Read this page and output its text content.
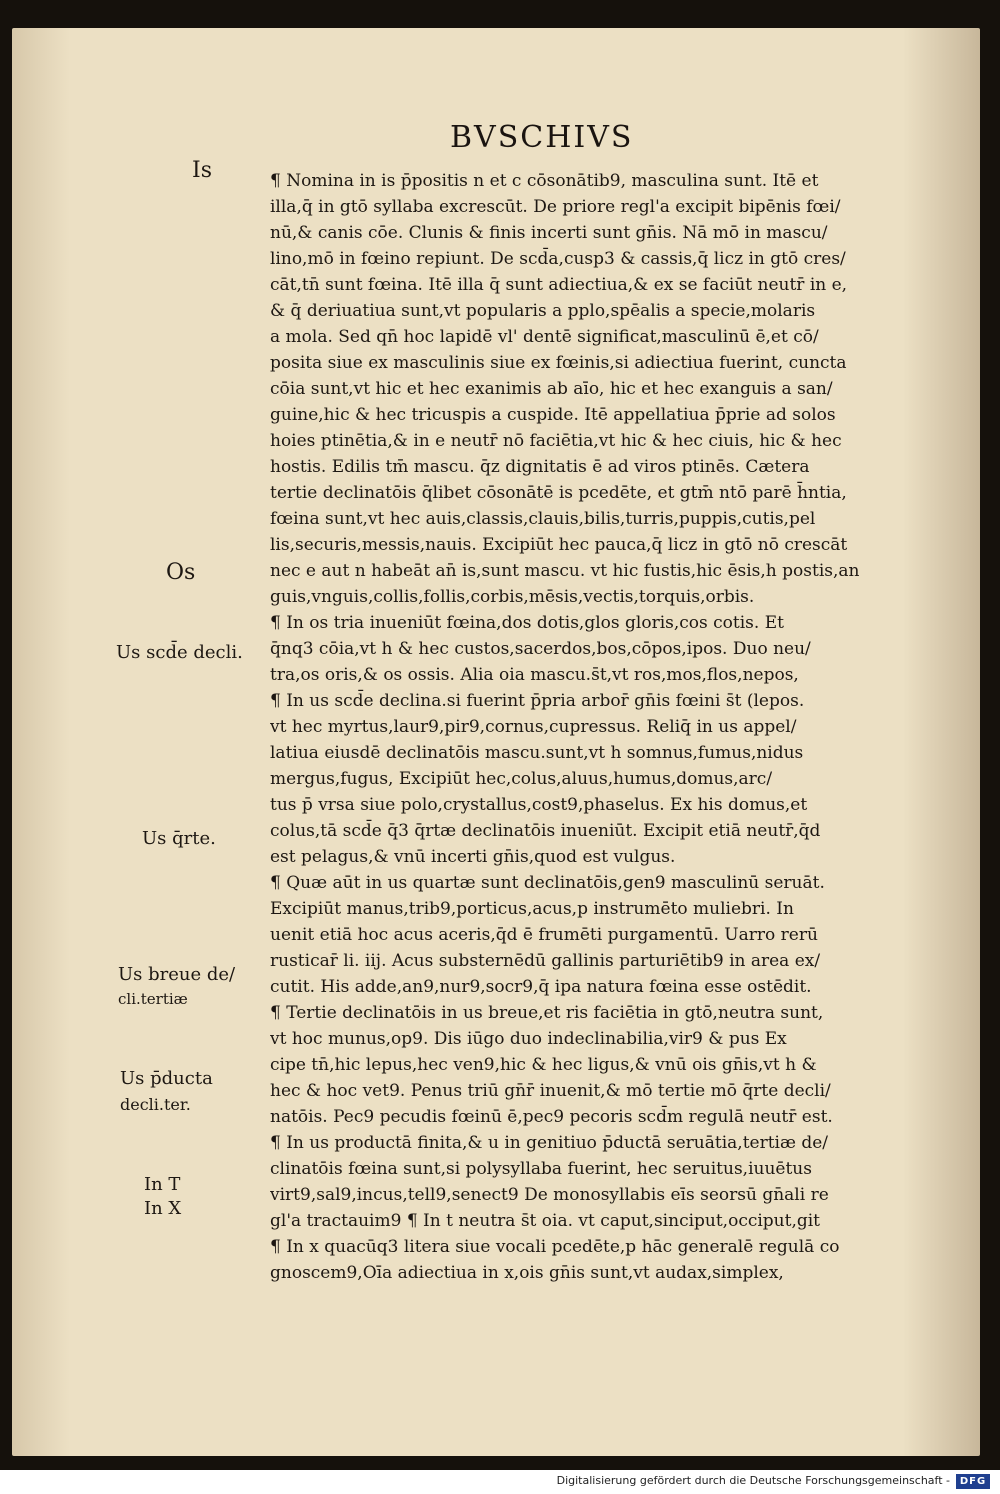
BVSCHIVS
Is
Os
Us scd̄e decli.
Us q̄rte.
Us breue de/
cli.tertiæ
Us p̄ducta
decli.ter.
In T
In X
¶ Nomina in is p̄positis n et c cōsonātib9, masculina sunt. Itē et
illa,q̄ in gtō syllaba excrescūt. De priore regl'a excipit bipēnis fœi/
nū,& canis cōe. Clunis & finis incerti sunt gn̄is. Nā mō in mascu/
lino,mō in fœino repiunt. De scd̄a,cusp3 & cassis,q̄ licz in gtō cres/
cāt,tn̄ sunt fœina. Itē illa q̄ sunt adiectiua,& ex se faciūt neutr̄ in e,
& q̄ deriuatiua sunt,vt popularis a pplo,spēalis a specie,molaris
a mola. Sed qn̄ hoc lapidē vl' dentē significat,masculinū ē,et cō/
posita siue ex masculinis siue ex fœinis,si adiectiua fuerint, cuncta
cōia sunt,vt hic et hec exanimis ab aīo, hic et hec exanguis a san/
guine,hic & hec tricuspis a cuspide. Itē appellatiua p̄prie ad solos
hoies ptinētia,& in e neutr̄ nō faciētia,vt hic & hec ciuis, hic & hec
hostis. Edilis tm̄ mascu. q̄z dignitatis ē ad viros ptinēs. Cætera
tertie declinatōis q̄libet cōsonātē is pcedēte, et gtm̄ ntō parē h̄ntia,
fœina sunt,vt hec auis,classis,clauis,bilis,turris,puppis,cutis,pel
lis,securis,messis,nauis. Excipiūt hec pauca,q̄ licz in gtō nō crescāt
nec e aut n habeāt an̄ is,sunt mascu. vt hic fustis,hic ēsis,h postis,an
guis,vnguis,collis,follis,corbis,mēsis,vectis,torquis,orbis.
¶ In os tria inueniūt fœina,dos dotis,glos gloris,cos cotis. Et
q̄nq3 cōia,vt h & hec custos,sacerdos,bos,cōpos,ipos. Duo neu/
tra,os oris,& os ossis. Alia oia mascu.s̄t,vt ros,mos,flos,nepos,
¶ In us scd̄e declina.si fuerint p̄pria arbor̄ gn̄is fœini s̄t (lepos.
vt hec myrtus,laur9,pir9,cornus,cupressus. Reliq̄ in us appel/
latiua eiusdē declinatōis mascu.sunt,vt h somnus,fumus,nidus
mergus,fugus, Excipiūt hec,colus,aluus,humus,domus,arc/
tus p̄ vrsa siue polo,crystallus,cost9,phaselus. Ex his domus,et
colus,tā scd̄e q̄3 q̄rtæ declinatōis inueniūt. Excipit etiā neutr̄,q̄d
est pelagus,& vnū incerti gn̄is,quod est vulgus.
¶ Quæ aūt in us quartæ sunt declinatōis,gen9 masculinū seruāt.
Excipiūt manus,trib9,porticus,acus,p instrumēto muliebri. In
uenit etiā hoc acus aceris,q̄d ē frumēti purgamentū. Uarro rerū
rusticar̄ li. iij. Acus substernēdū gallinis parturiētib9 in area ex/
cutit. His adde,an9,nur9,socr9,q̄ ipa natura fœina esse ostēdit.
¶ Tertie declinatōis in us breue,et ris faciētia in gtō,neutra sunt,
vt hoc munus,op9. Dis iūgo duo indeclinabilia,vir9 & pus Ex
cipe tn̄,hic lepus,hec ven9,hic & hec ligus,& vnū ois gn̄is,vt h &
hec & hoc vet9. Penus triū gn̄r̄ inuenit,& mō tertie mō q̄rte decli/
natōis. Pec9 pecudis fœinū ē,pec9 pecoris scd̄m regulā neutr̄ est.
¶ In us productā finita,& u in genitiuo p̄ductā seruātia,tertiæ de/
clinatōis fœina sunt,si polysyllaba fuerint, hec seruitus,iuuētus
virt9,sal9,incus,tell9,senect9 De monosyllabis eīs seorsū gn̄ali re
gl'a tractauim9 ¶ In t neutra s̄t oia. vt caput,sinciput,occiput,git
¶ In x quacūq3 litera siue vocali pcedēte,p hāc generalē regulā co
gnoscem9,Oīa adiectiua in x,ois gn̄is sunt,vt audax,simplex,
Digitalisierung gefördert durch die Deutsche Forschungsgemeinschaft - DFG
